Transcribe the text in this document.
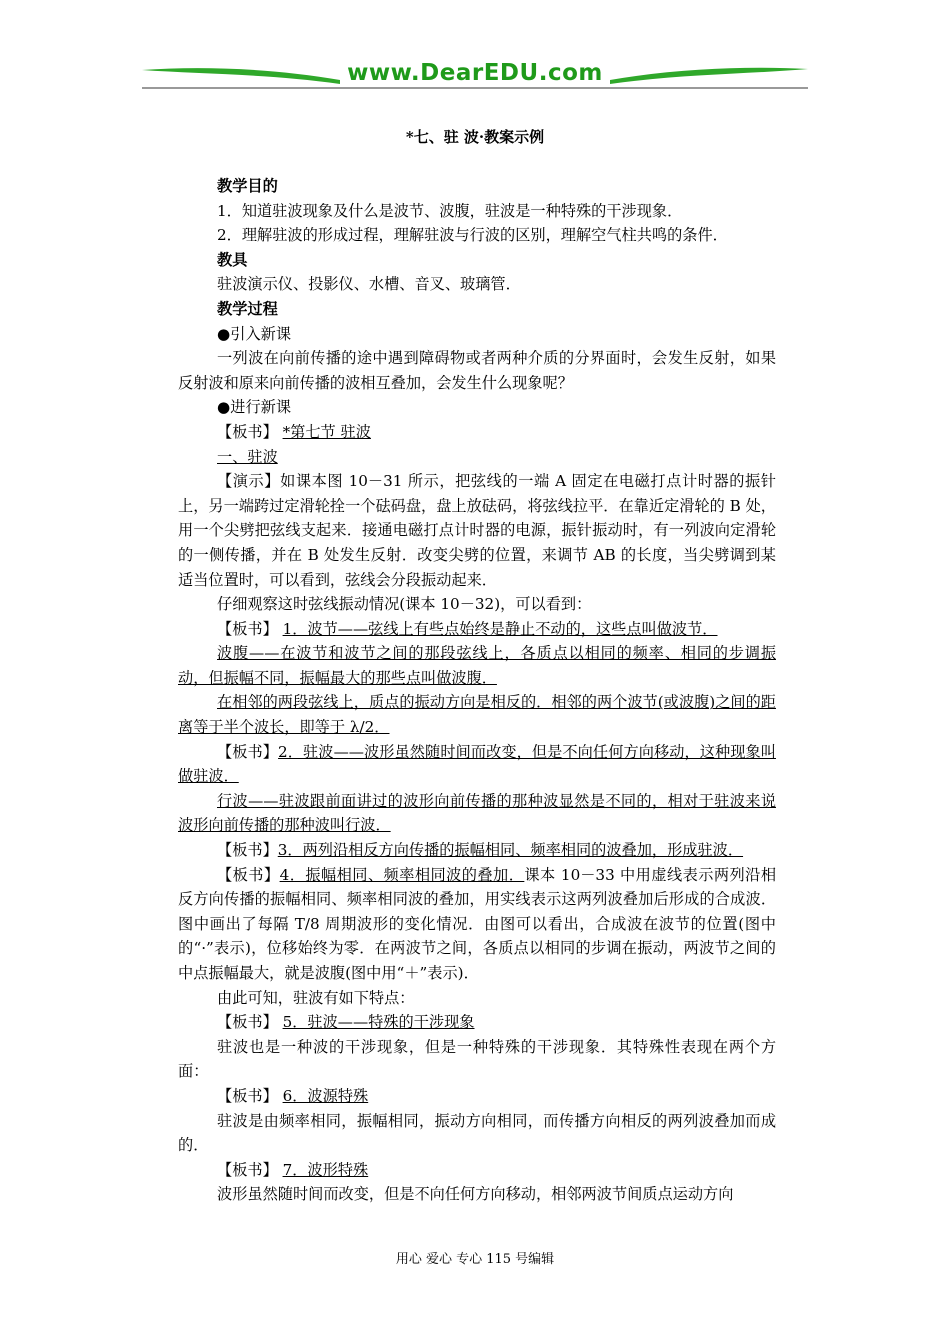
www.DearEDU.com
*七、驻 波·教案示例

教学目的

1．知道驻波现象及什么是波节、波腹，驻波是一种特殊的干涉现象．

2．理解驻波的形成过程，理解驻波与行波的区别，理解空气柱共鸣的条件．

教具

驻波演示仪、投影仪、水槽、音叉、玻璃管．

教学过程

●引入新课

一列波在向前传播的途中遇到障碍物或者两种介质的分界面时，会发生反射，如果反射波和原来向前传播的波相互叠加，会发生什么现象呢？

●进行新课

【板书】 *第七节 驻波

一、驻波

【演示】如课本图 10－31 所示，把弦线的一端 A 固定在电磁打点计时器的振针上，另一端跨过定滑轮拴一个砝码盘，盘上放砝码，将弦线拉平．在靠近定滑轮的 B 处，用一个尖劈把弦线支起来．接通电磁打点计时器的电源，振针振动时，有一列波向定滑轮的一侧传播，并在 B 处发生反射．改变尖劈的位置，来调节 AB 的长度，当尖劈调到某适当位置时，可以看到，弦线会分段振动起来．

仔细观察这时弦线振动情况(课本 10－32)，可以看到：

【板书】 1．波节——弦线上有些点始终是静止不动的，这些点叫做波节．

波腹——在波节和波节之间的那段弦线上，各质点以相同的频率、相同的步调振动，但振幅不同，振幅最大的那些点叫做波腹．

在相邻的两段弦线上，质点的振动方向是相反的．相邻的两个波节(或波腹)之间的距离等于半个波长，即等于 λ/2．

【板书】2．驻波——波形虽然随时间而改变，但是不向任何方向移动，这种现象叫做驻波．

行波——驻波跟前面讲过的波形向前传播的那种波显然是不同的，相对于驻波来说波形向前传播的那种波叫行波．

【板书】3．两列沿相反方向传播的振幅相同、频率相同的波叠加，形成驻波．

【板书】4．振幅相同、频率相同波的叠加．课本 10－33 中用虚线表示两列沿相反方向传播的振幅相同、频率相同波的叠加，用实线表示这两列波叠加后形成的合成波．图中画出了每隔 T/8 周期波形的变化情况．由图可以看出，合成波在波节的位置(图中的“·”表示)，位移始终为零．在两波节之间，各质点以相同的步调在振动，两波节之间的中点振幅最大，就是波腹(图中用“＋”表示)．

由此可知，驻波有如下特点：

【板书】 5．驻波——特殊的干涉现象

驻波也是一种波的干涉现象，但是一种特殊的干涉现象．其特殊性表现在两个方面：

【板书】 6．波源特殊

驻波是由频率相同，振幅相同，振动方向相同，而传播方向相反的两列波叠加而成的．

【板书】 7．波形特殊

波形虽然随时间而改变，但是不向任何方向移动，相邻两波节间质点运动方向

用心 爱心 专心 115 号编辑
